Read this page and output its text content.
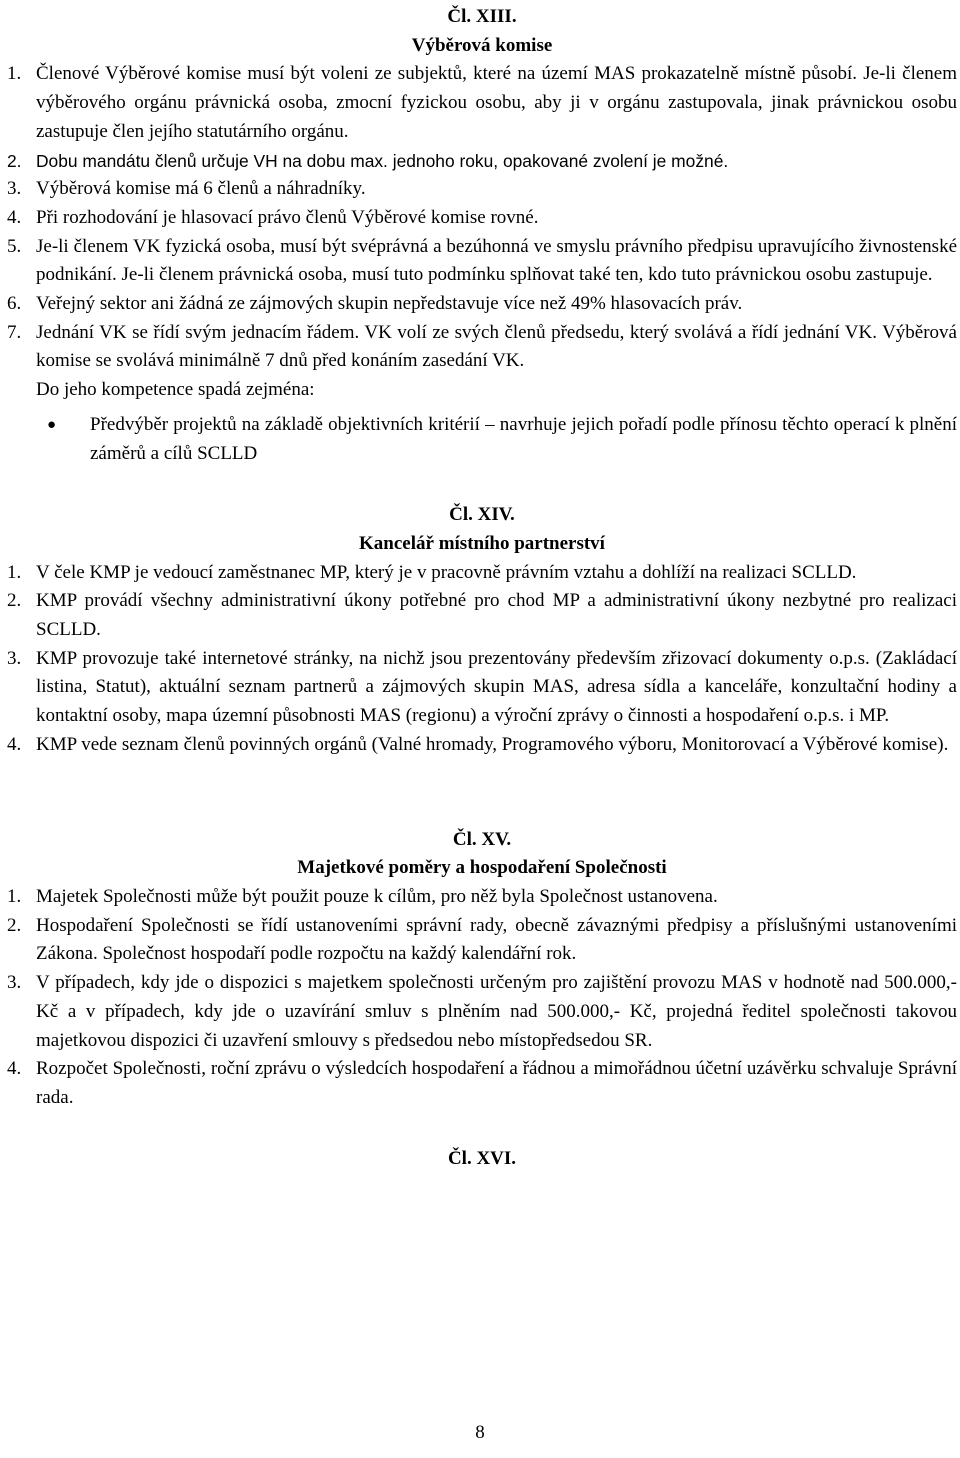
Čl. XIII.
Výběrová komise
1. Členové Výběrové komise musí být voleni ze subjektů, které na území MAS prokazatelně místně působí. Je-li členem výběrového orgánu právnická osoba, zmocní fyzickou osobu, aby ji v orgánu zastupovala, jinak právnickou osobu zastupuje člen jejího statutárního orgánu.
2. Dobu mandátu členů určuje VH na dobu max. jednoho roku, opakované zvolení je možné.
3. Výběrová komise má 6 členů a náhradníky.
4. Při rozhodování je hlasovací právo členů Výběrové komise rovné.
5. Je-li členem VK fyzická osoba, musí být svéprávná a bezúhonná ve smyslu právního předpisu upravujícího živnostenské podnikání. Je-li členem právnická osoba, musí tuto podmínku splňovat také ten, kdo tuto právnickou osobu zastupuje.
6. Veřejný sektor ani žádná ze zájmových skupin nepředstavuje více než 49% hlasovacích práv.
7. Jednání VK se řídí svým jednacím řádem. VK volí ze svých členů předsedu, který svolává a řídí jednání VK. Výběrová komise se svolává minimálně 7 dnů před konáním zasedání VK.
Do jeho kompetence spadá zejména:
●	Předvýběr projektů na základě objektivních kritérií – navrhuje jejich pořadí podle přínosu těchto operací k plnění záměrů a cílů SCLLD
Čl. XIV.
Kancelář místního partnerství
1. V čele KMP je vedoucí zaměstnanec MP, který je v pracovně právním vztahu a dohlíží na realizaci SCLLD.
2. KMP provádí všechny administrativní úkony potřebné pro chod MP a administrativní úkony nezbytné pro realizaci SCLLD.
3. KMP provozuje také internetové stránky, na nichž jsou prezentovány především zřizovací dokumenty o.p.s. (Zakládací listina, Statut), aktuální seznam partnerů a zájmových skupin MAS, adresa sídla a kanceláře, konzultační hodiny a kontaktní osoby, mapa územní působnosti MAS (regionu) a výroční zprávy o činnosti a hospodaření o.p.s. i MP.
4. KMP vede seznam členů povinných orgánů (Valné hromady, Programového výboru, Monitorovací a Výběrové komise).
Čl. XV.
Majetkové poměry a hospodaření Společnosti
1. Majetek Společnosti může být použit pouze k cílům, pro něž byla Společnost ustanovena.
2. Hospodaření Společnosti se řídí ustanoveními správní rady, obecně závaznými předpisy a příslušnými ustanoveními Zákona. Společnost hospodaří podle rozpočtu na každý kalendářní rok.
3. V případech, kdy jde o dispozici s majetkem společnosti určeným pro zajištění provozu MAS v hodnotě nad 500.000,- Kč a v případech, kdy jde o uzavírání smluv s plněním nad 500.000,- Kč, projedná ředitel společnosti takovou majetkovou dispozici či uzavření smlouvy s předsedou nebo místopředsedou SR.
4. Rozpočet Společnosti, roční zprávu o výsledcích hospodaření a řádnou a mimořádnou účetní uzávěrku schvaluje Správní rada.
Čl. XVI.
8
